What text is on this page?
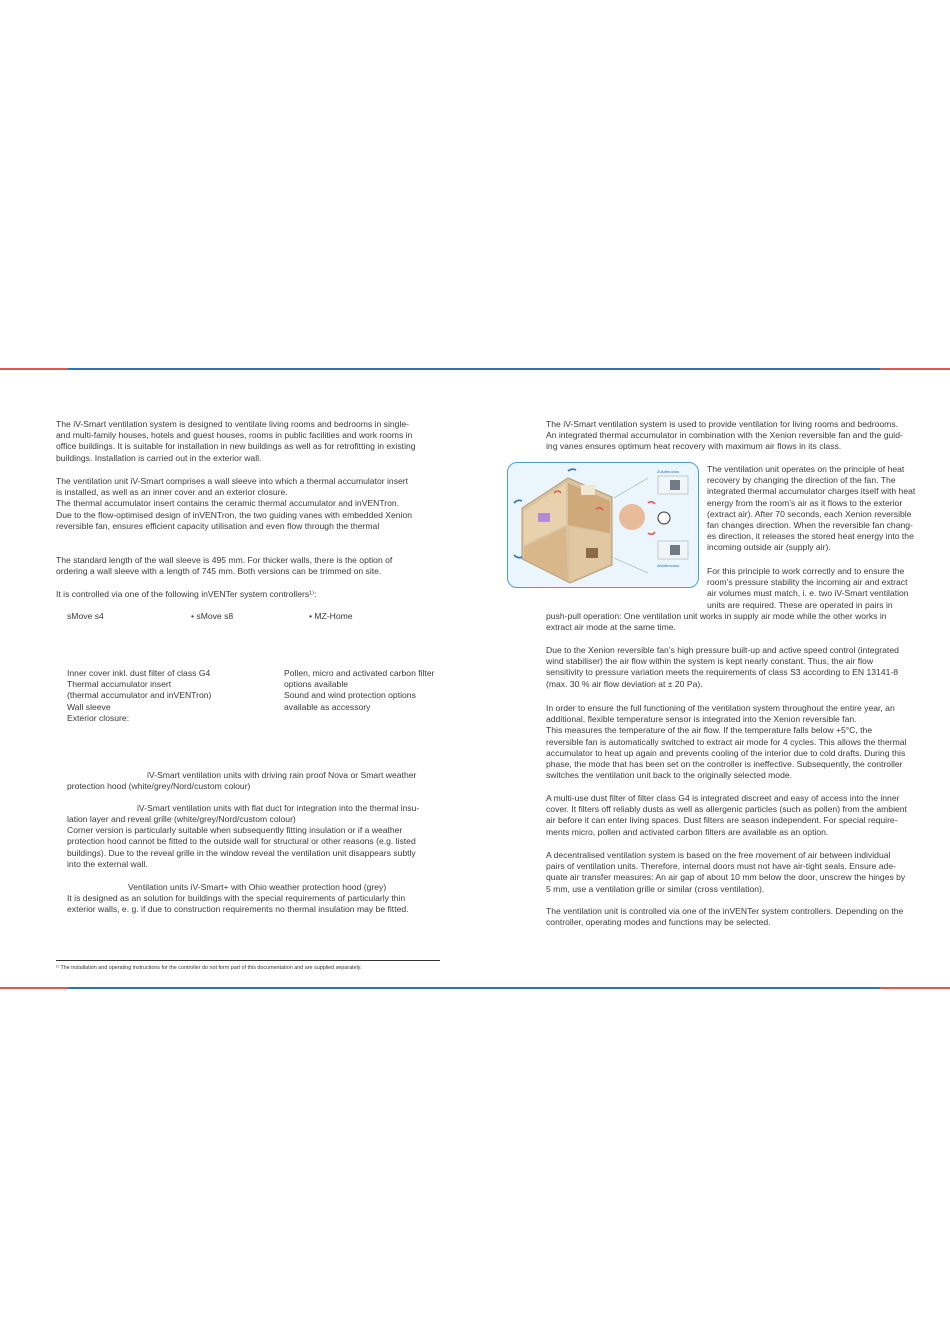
The iV-Smart ventilation system is designed to ventilate living rooms and bedrooms in single-
and multi-family houses, hotels and guest houses, rooms in public facilities and work rooms in
office buildings. It is suitable for installation in new buildings as well as for retrofitting in existing
buildings. Installation is carried out in the exterior wall.

The ventilation unit iV-Smart comprises a wall sleeve into which a thermal accumulator insert
is installed, as well as an inner cover and an exterior closure.
The thermal accumulator insert contains the ceramic thermal accumulator and inVENTron.
Due to the flow-optimised design of inVENTron, the two guiding vanes with embedded Xenion
reversible fan, ensures efficient capacity utilisation and even flow through the thermal

The standard length of the wall sleeve is 495 mm. For thicker walls, there is the option of
ordering a wall sleeve with a length of 745 mm. Both versions can be trimmed on site.

It is controlled via one of the following inVENTer system controllers¹⁾:

sMove s4	• sMove s8	• MZ-Home

Inner cover inkl. dust filter of class G4
Thermal accumulator insert
(thermal accumulator and inVENTron)
Wall sleeve
Exterior closure:

Pollen, micro and activated carbon filter
options available
Sound and wind protection options
available as accessory

iV-Smart ventilation units with driving rain proof Nova or Smart weather
protection hood (white/grey/Nord/custom colour)

iV-Smart ventilation units with flat duct for integration into the thermal insu-

lation layer and reveal grille (white/grey/Nord/custom colour)
Corner version is particularly suitable when subsequently fitting insulation or if a weather
protection hood cannot be fitted to the outside wall for structural or other reasons (e.g. listed
buildings). Due to the reveal grille in the window reveal the ventilation unit disappears subtly
into the external wall.

Ventilation units iV-Smart+ with Ohio weather protection hood (grey)

It is designed as an solution for buildings with the special requirements of particularly thin
exterior walls, e. g. if due to construction requirements no thermal insulation may be fitted.

¹⁾ The installation and operating instructions for the controller do not form part of this documentation and are supplied separately.

The iV-Smart ventilation system is used to provide ventilation for living rooms and bedrooms.
An integrated thermal accumulator in combination with the Xenion reversible fan and the guid-
ing vanes ensures optimum heat recovery with maximum air flows in its class.

Zuluftmodus
Abluftmodus

The ventilation unit operates on the principle of heat
recovery by changing the direction of the fan. The
integrated thermal accumulator charges itself with heat
energy from the room’s air as it flows to the exterior
(extract air). After 70 seconds, each Xenion reversible
fan changes direction. When the reversible fan chang-
es direction, it releases the stored heat energy into the
incoming outside air (supply air).

For this principle to work correctly and to ensure the
room’s pressure stability the incoming air and extract
air volumes must match, i. e. two iV-Smart ventilation
units are required. These are operated in pairs in

push-pull operation: One ventilation unit works in supply air mode while the other works in
extract air mode at the same time.

Due to the Xenion reversible fan’s high pressure built-up and active speed control (integrated
wind stabiliser) the air flow within the system is kept nearly constant. Thus, the air flow
sensitivity to pressure variation meets the requirements of class S3 according to EN 13141-8
(max. 30 % air flow deviation at ± 20 Pa).

In order to ensure the full functioning of the ventilation system throughout the entire year, an
additional, flexible temperature sensor is integrated into the Xenion reversible fan.
This measures the temperature of the air flow. If the temperature falls below +5°C, the
reversible fan is automatically switched to extract air mode for 4 cycles. This allows the thermal
accumulator to heat up again and prevents cooling of the interior due to cold drafts. During this
phase, the mode that has been set on the controller is ineffective. Subsequently, the controller
switches the ventilation unit back to the originally selected mode.

A multi-use dust filter of filter class G4 is integrated discreet and easy of access into the inner
cover. It filters off reliably dusts as well as allergenic particles (such as pollen) from the ambient
air before it can enter living spaces. Dust filters are season independent. For special require-
ments micro, pollen and activated carbon filters are available as an option.

A decentralised ventilation system is based on the free movement of air between individual
pairs of ventilation units. Therefore, internal doors must not have air-tight seals. Ensure ade-
quate air transfer measures: An air gap of about 10 mm below the door, unscrew the hinges by
5 mm, use a ventilation grille or similar (cross ventilation).

The ventilation unit is controlled via one of the inVENTer system controllers. Depending on the
controller, operating modes and functions may be selected.
